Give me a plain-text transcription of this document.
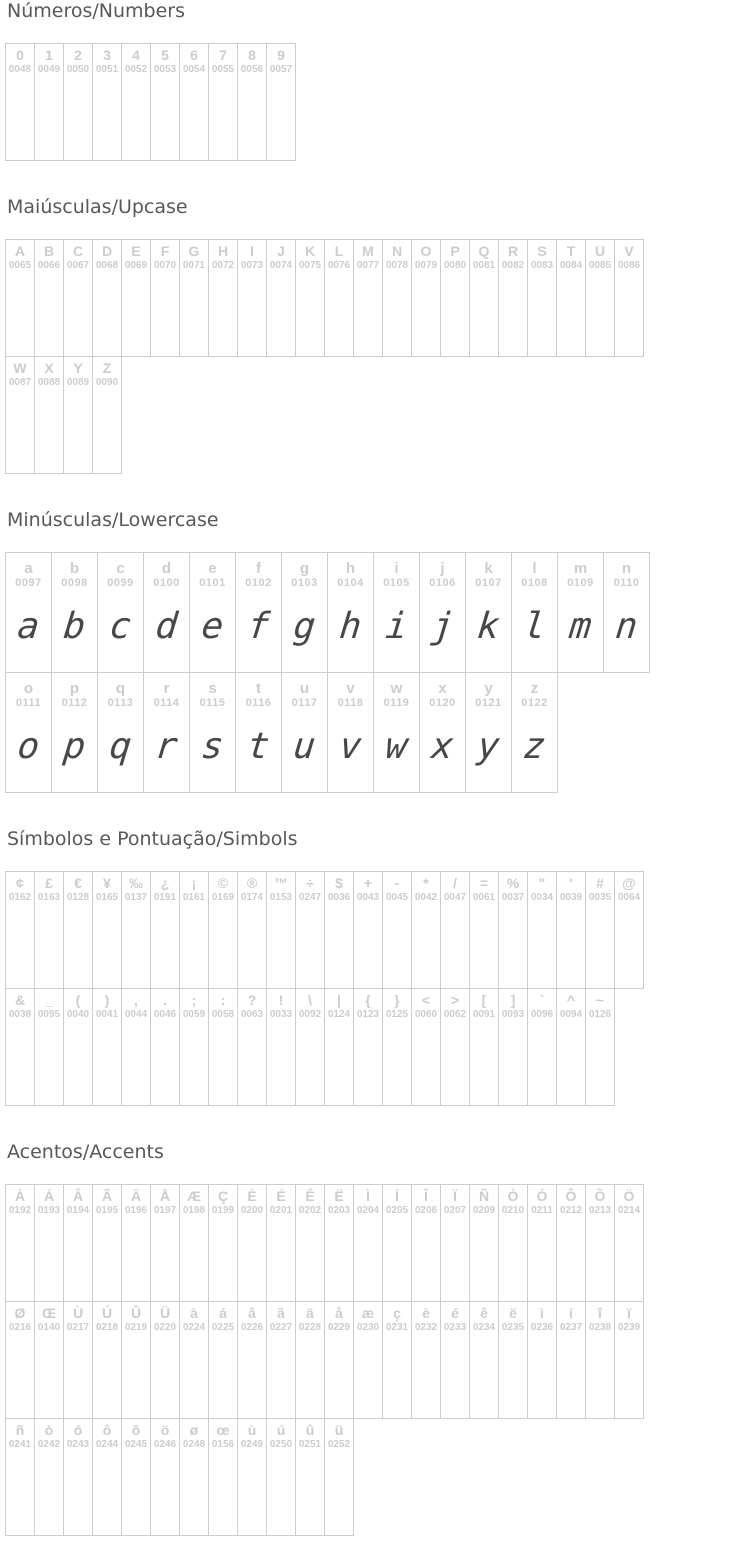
Números/Numbers
0
0048

1
0049

2
0050

3
0051

4
0052

5
0053

6
0054

7
0055

8
0056

9
0057
Maiúsculas/Upcase
A
0065

B
0066

C
0067

D
0068

E
0069

F
0070

G
0071

H
0072

I
0073

J
0074

K
0075

L
0076

M
0077

N
0078

O
0079

P
0080

Q
0081

R
0082

S
0083

T
0084

U
0085

V
0086
W
0087

X
0088

Y
0089

Z
0090
Minúsculas/Lowercase
a
0097
a

b
0098
b

c
0099
c

d
0100
d

e
0101
e

f
0102
f

g
0103
g

h
0104
h

i
0105
i

j
0106
j

k
0107
k

l
0108
l

m
0109
m

n
0110
n
o
0111
o

p
0112
p

q
0113
q

r
0114
r

s
0115
s

t
0116
t

u
0117
u

v
0118
v

w
0119
w

x
0120
x

y
0121
y

z
0122
z
Símbolos e Pontuação/Simbols
¢
0162

£
0163

€
0128

¥
0165

‰
0137

¿
0191

¡
0161

©
0169

®
0174

™
0153

÷
0247

$
0036

+
0043

-
0045

*
0042

/
0047

=
0061

%
0037

"
0034

'
0039

#
0035

@
0064
&
0038

_
0095

(
0040

)
0041

,
0044

.
0046

;
0059

:
0058

?
0063

!
0033

\
0092

|
0124

{
0123

}
0125

<
0060

>
0062

[
0091

]
0093

`
0096

^
0094

~
0126
Acentos/Accents
À
0192

Á
0193

Â
0194

Ã
0195

Ä
0196

Å
0197

Æ
0198

Ç
0199

È
0200

É
0201

Ê
0202

Ë
0203

Ì
0204

Í
0205

Î
0206

Ï
0207

Ñ
0209

Ò
0210

Ó
0211

Ô
0212

Õ
0213

Ö
0214
Ø
0216

Œ
0140

Ù
0217

Ú
0218

Û
0219

Ü
0220

à
0224

á
0225

â
0226

ã
0227

ä
0228

å
0229

æ
0230

ç
0231

è
0232

é
0233

ê
0234

ë
0235

ì
0236

í
0237

î
0238

ï
0239
ñ
0241

ò
0242

ó
0243

ô
0244

õ
0245

ö
0246

ø
0248

œ
0156

ù
0249

ú
0250

û
0251

ü
0252
